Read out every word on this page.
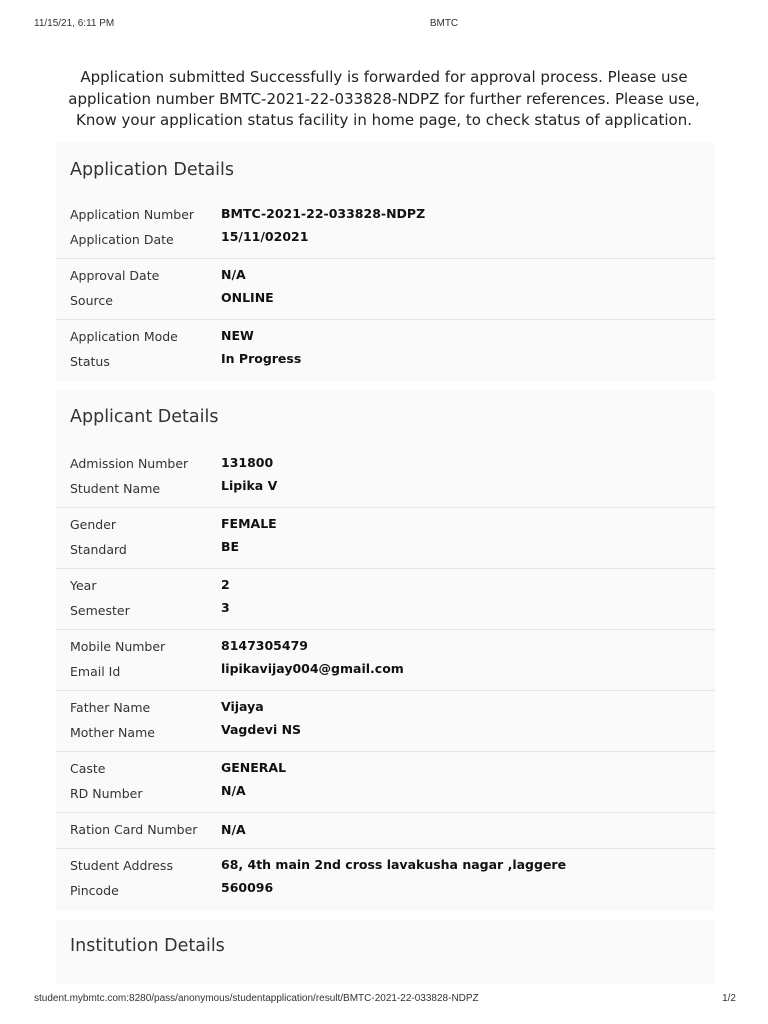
11/15/21, 6:11 PM	BMTC
Application submitted Successfully is forwarded for approval process. Please use
application number BMTC-2021-22-033828-NDPZ for further references. Please use,
Know your application status facility in home page, to check status of application.
Application Details
Application Number BMTC-2021-22-033828-NDPZ
Application Date	15/11/02021
Approval Date	N/A
Source	ONLINE
Application Mode	NEW
Status	In Progress
Applicant Details
Admission Number	131800
Student Name	Lipika V
Gender	FEMALE
Standard	BE
Year	2
Semester	3
Mobile Number	8147305479
Email Id	lipikavijay004@gmail.com
Father Name	Vijaya
Mother Name	Vagdevi NS
Caste	GENERAL
RD Number	N/A
Ration Card Number N/A
Student Address	68, 4th main 2nd cross lavakusha nagar ,laggere
Pincode	560096
Institution Details
student.mybmtc.com:8280/pass/anonymous/studentapplication/result/BMTC-2021-22-033828-NDPZ	1/2
